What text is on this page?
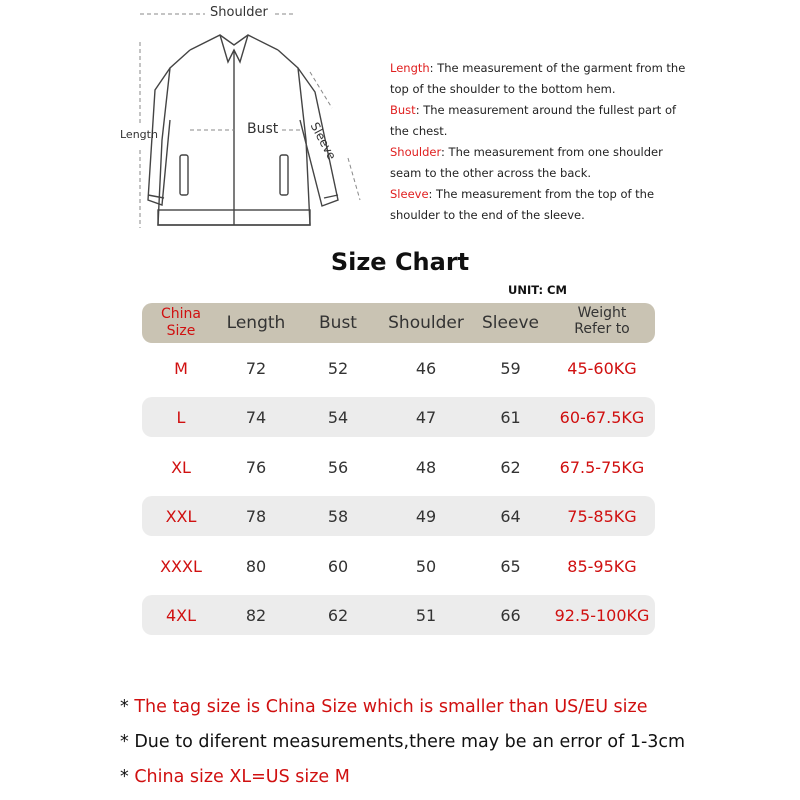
Shoulder
Length	Bust Sleeve

Length: The measurement of the garment from the top of the shoulder to the bottom hem.

Bust: The measurement around the fullest part of the chest.

Shoulder: The measurement from one shoulder seam to the other across the back.

Sleeve: The measurement from the top of the shoulder to the end of the sleeve.

Size Chart
UNIT: CM
China
Size	Length	Bust	Shoulder	Sleeve	Weight
Refer to
M	72	52	46	59	45-60KG
L	74	54	47	61	60-67.5KG
XL	76	56	48	62	67.5-75KG
XXL	78	58	49	64	75-85KG
XXXL	80	60	50	65	85-95KG
4XL	82	62	51	66	92.5-100KG
* The tag size is China Size which is smaller than US/EU size
* Due to diferent measurements,there may be an error of 1-3cm
* China size XL=US size M
